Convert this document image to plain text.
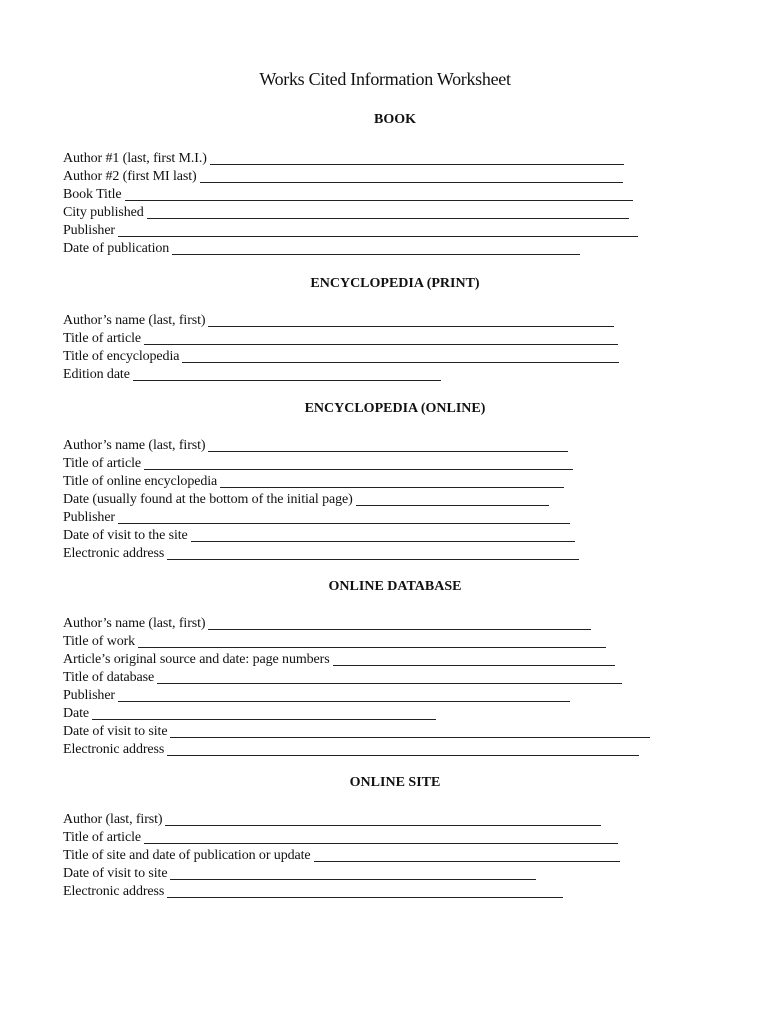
Works Cited Information Worksheet
BOOK
Author #1 (last, first M.I.)
Author #2 (first MI last)
Book Title
City published
Publisher
Date of publication
ENCYCLOPEDIA (PRINT)
Author’s name (last, first)
Title of article
Title of encyclopedia
Edition date
ENCYCLOPEDIA (ONLINE)
Author’s name (last, first)
Title of article
Title of online encyclopedia
Date (usually found at the bottom of the initial page)
Publisher
Date of visit to the site
Electronic address
ONLINE DATABASE
Author’s name (last, first)
Title of work
Article’s original source and date: page numbers
Title of database
Publisher
Date
Date of visit to site
Electronic address
ONLINE SITE
Author (last, first)
Title of article
Title of site and date of publication or update
Date of visit to site
Electronic address
